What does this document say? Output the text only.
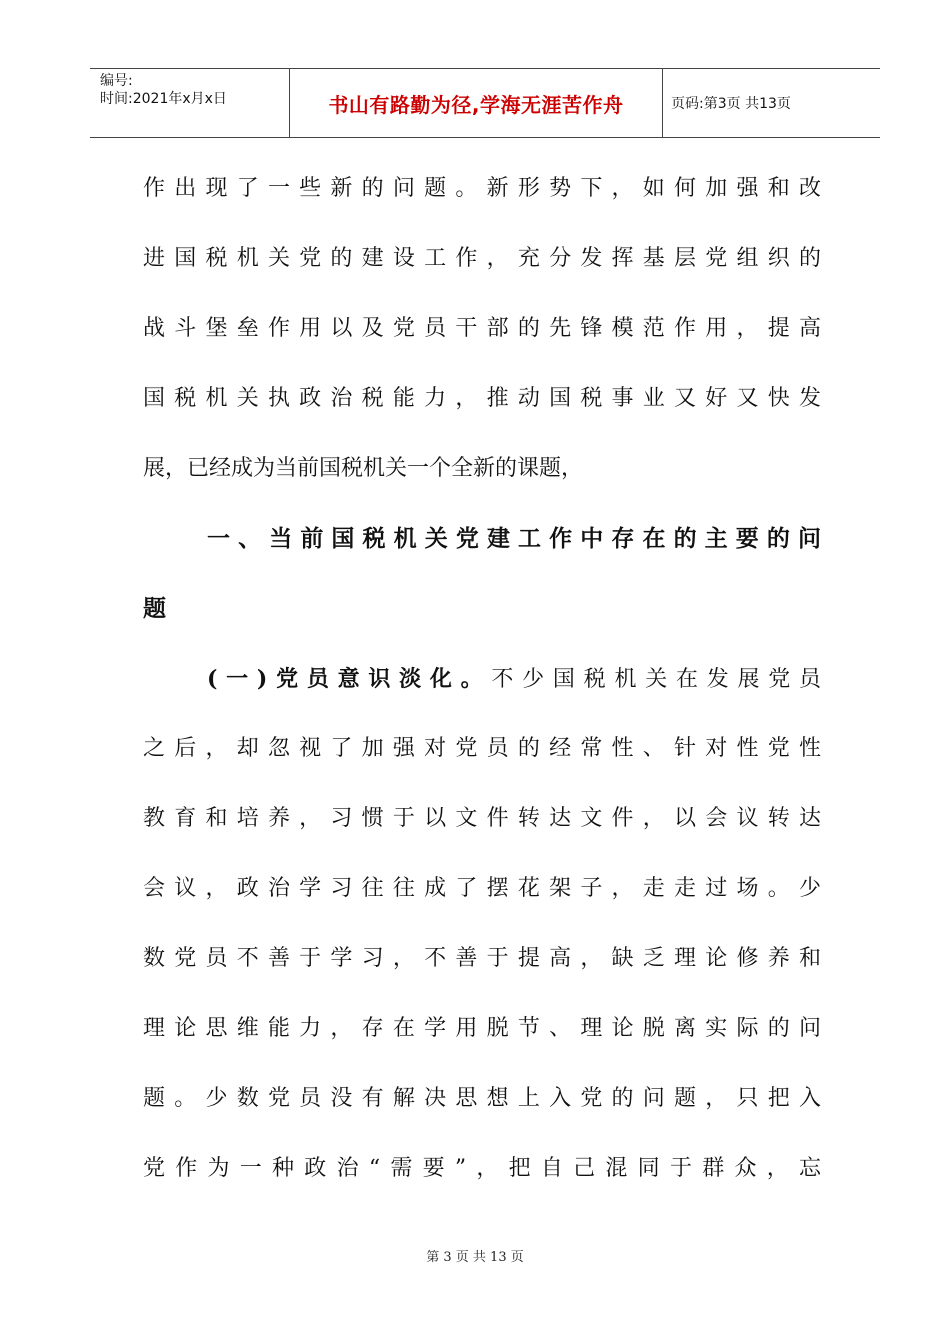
编号:
时间:2021年x月x日	书山有路勤为径,学海无涯苦作舟	页码:第3页 共13页
作出现了一些新的问题。新形势下，如何加强和改
进国税机关党的建设工作，充分发挥基层党组织的
战斗堡垒作用以及党员干部的先锋模范作用，提高
国税机关执政治税能力，推动国税事业又好又快发
展，已经成为当前国税机关一个全新的课题，
一、当前国税机关党建工作中存在的主要的问
题
(一)党员意识淡化。不少国税机关在发展党员
之后，却忽视了加强对党员的经常性、针对性党性
教育和培养，习惯于以文件转达文件，以会议转达
会议，政治学习往往成了摆花架子，走走过场。少
数党员不善于学习，不善于提高，缺乏理论修养和
理论思维能力，存在学用脱节、理论脱离实际的问
题。少数党员没有解决思想上入党的问题，只把入
党作为一种政治“需要”，把自己混同于群众，忘
第 3 页 共 13 页
